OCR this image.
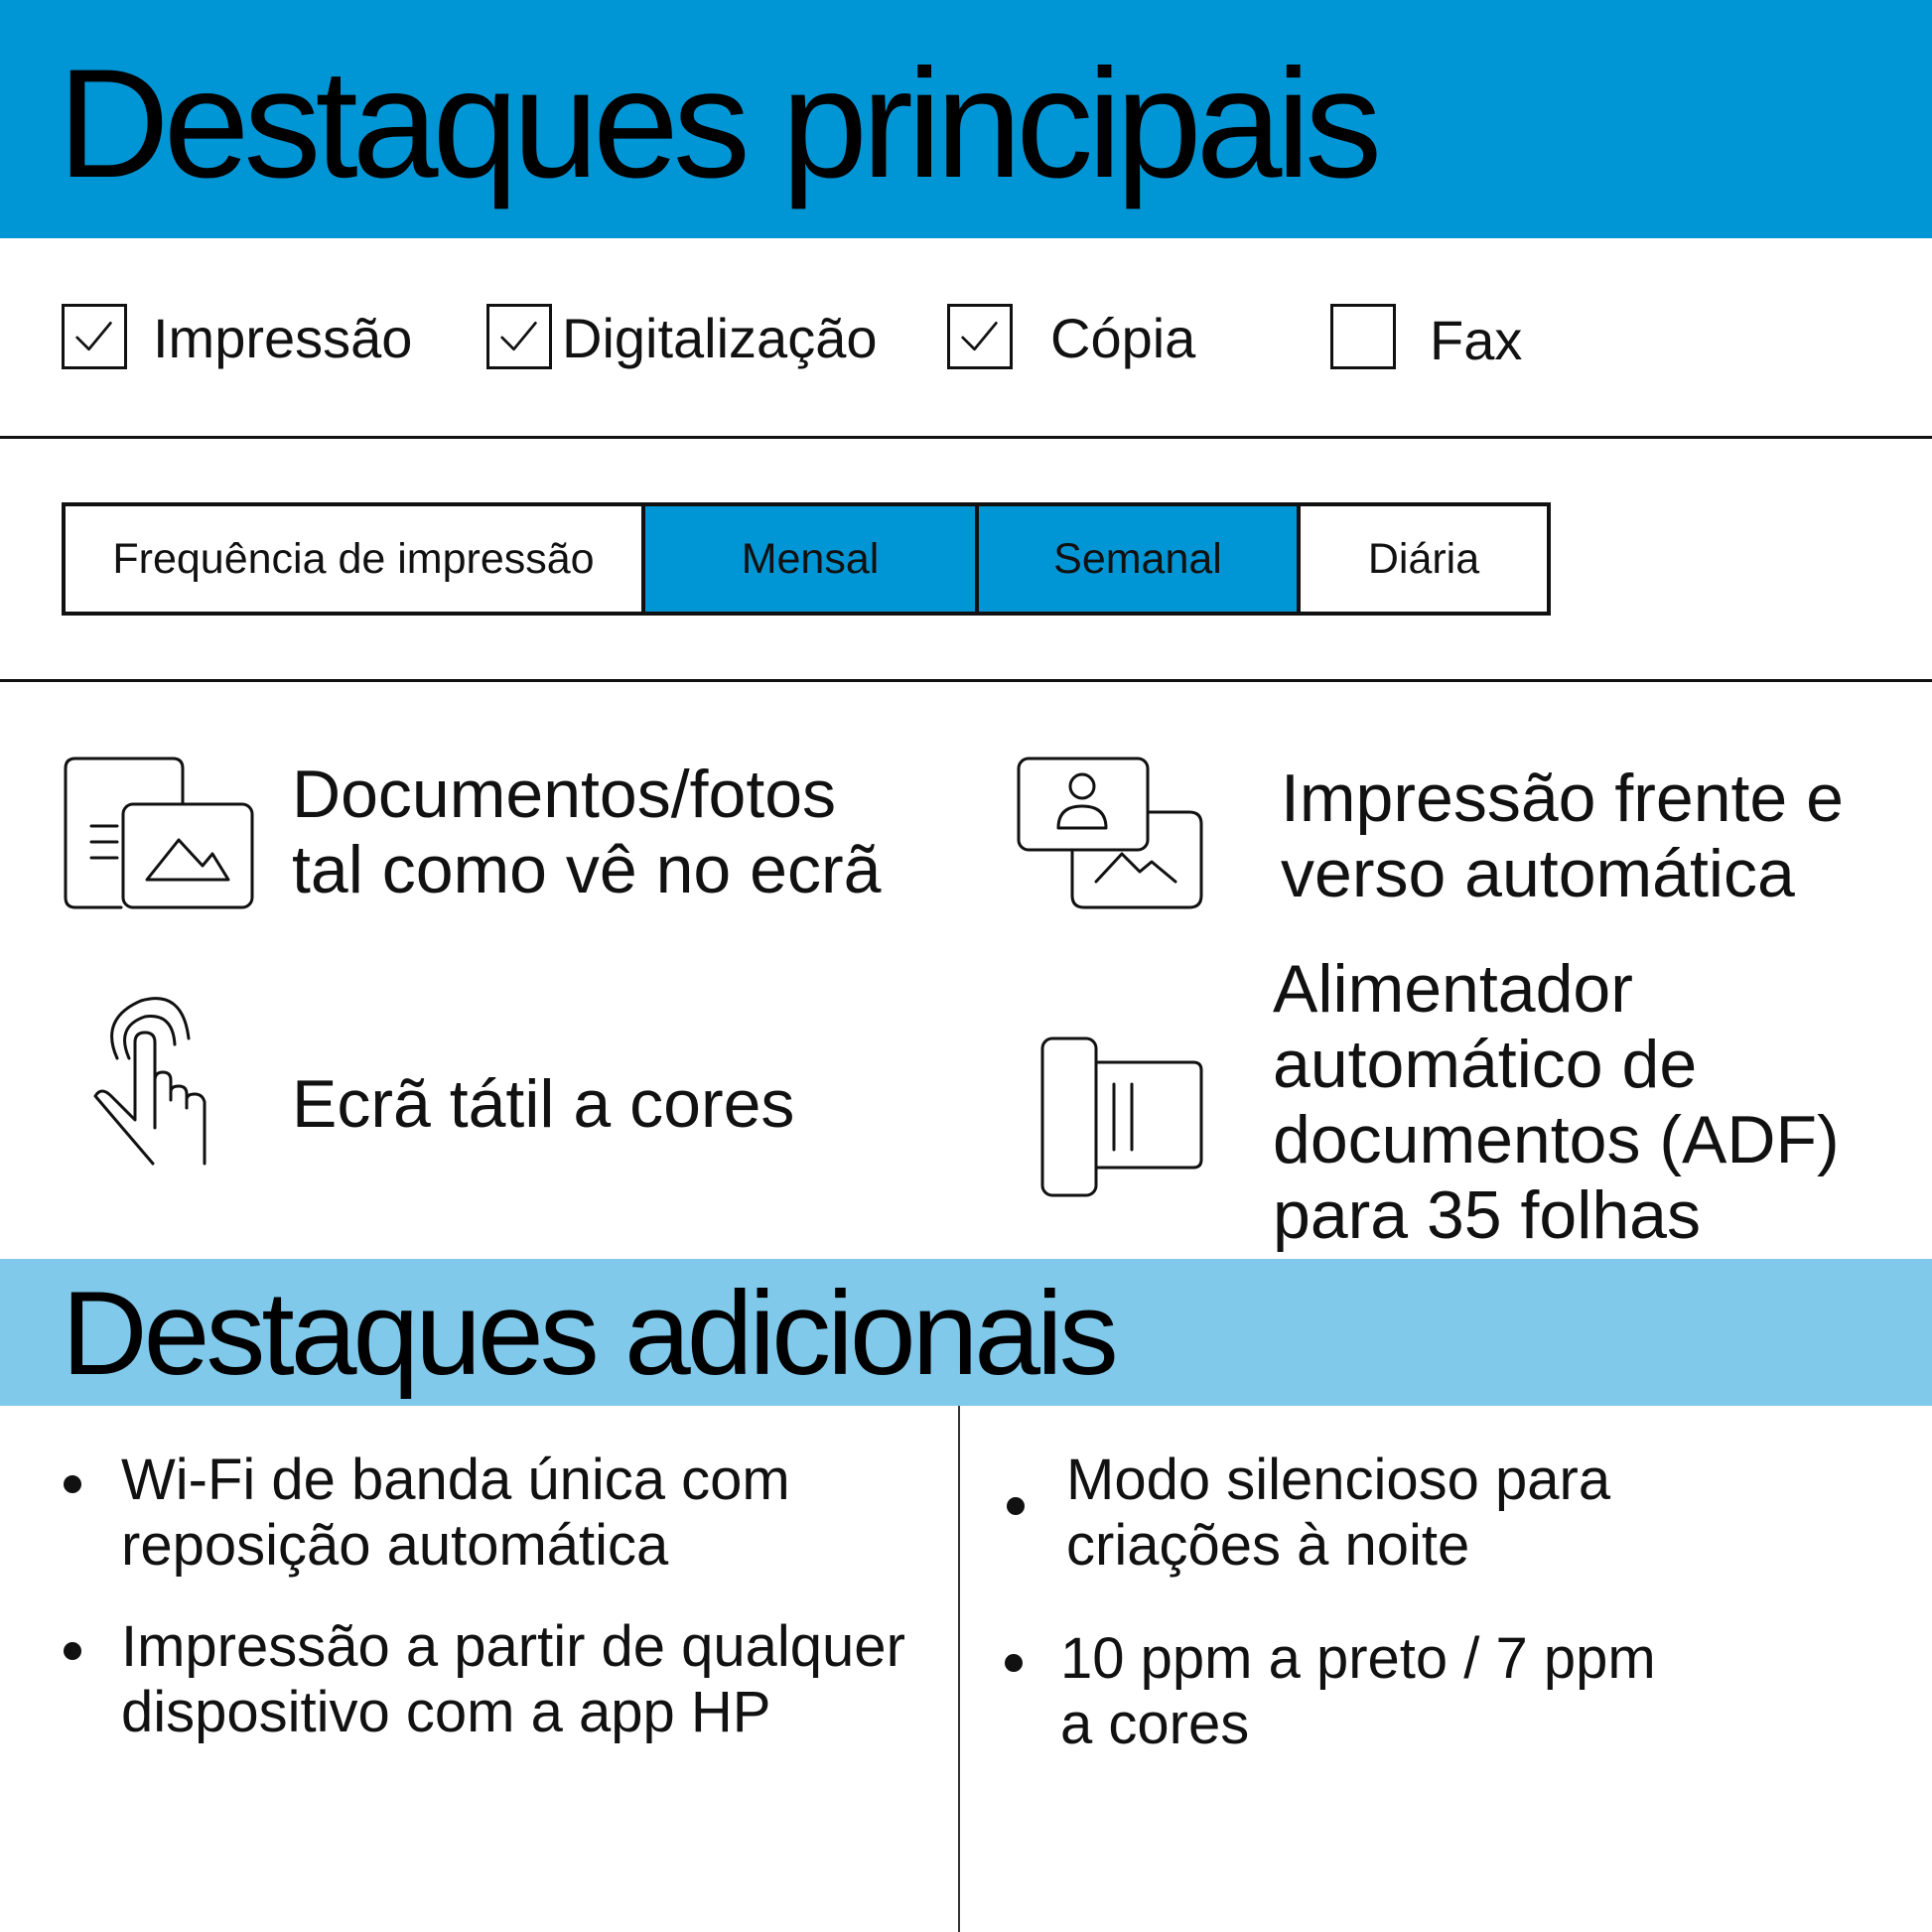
Destaques principais
Impressão	Digitalização	Cópia	Fax
Frequência de impressão	Mensal	Semanal	Diária
Documentos/fotos
tal como vê no ecrã
Impressão frente e
verso automática
Ecrã tátil a cores
Alimentador
automático de
documentos (ADF)
para 35 folhas
Destaques adicionais
Wi-Fi de banda única com
reposição automática
Impressão a partir de qualquer
dispositivo com a app HP
Modo silencioso para
criações à noite
10 ppm a preto / 7 ppm
a cores
